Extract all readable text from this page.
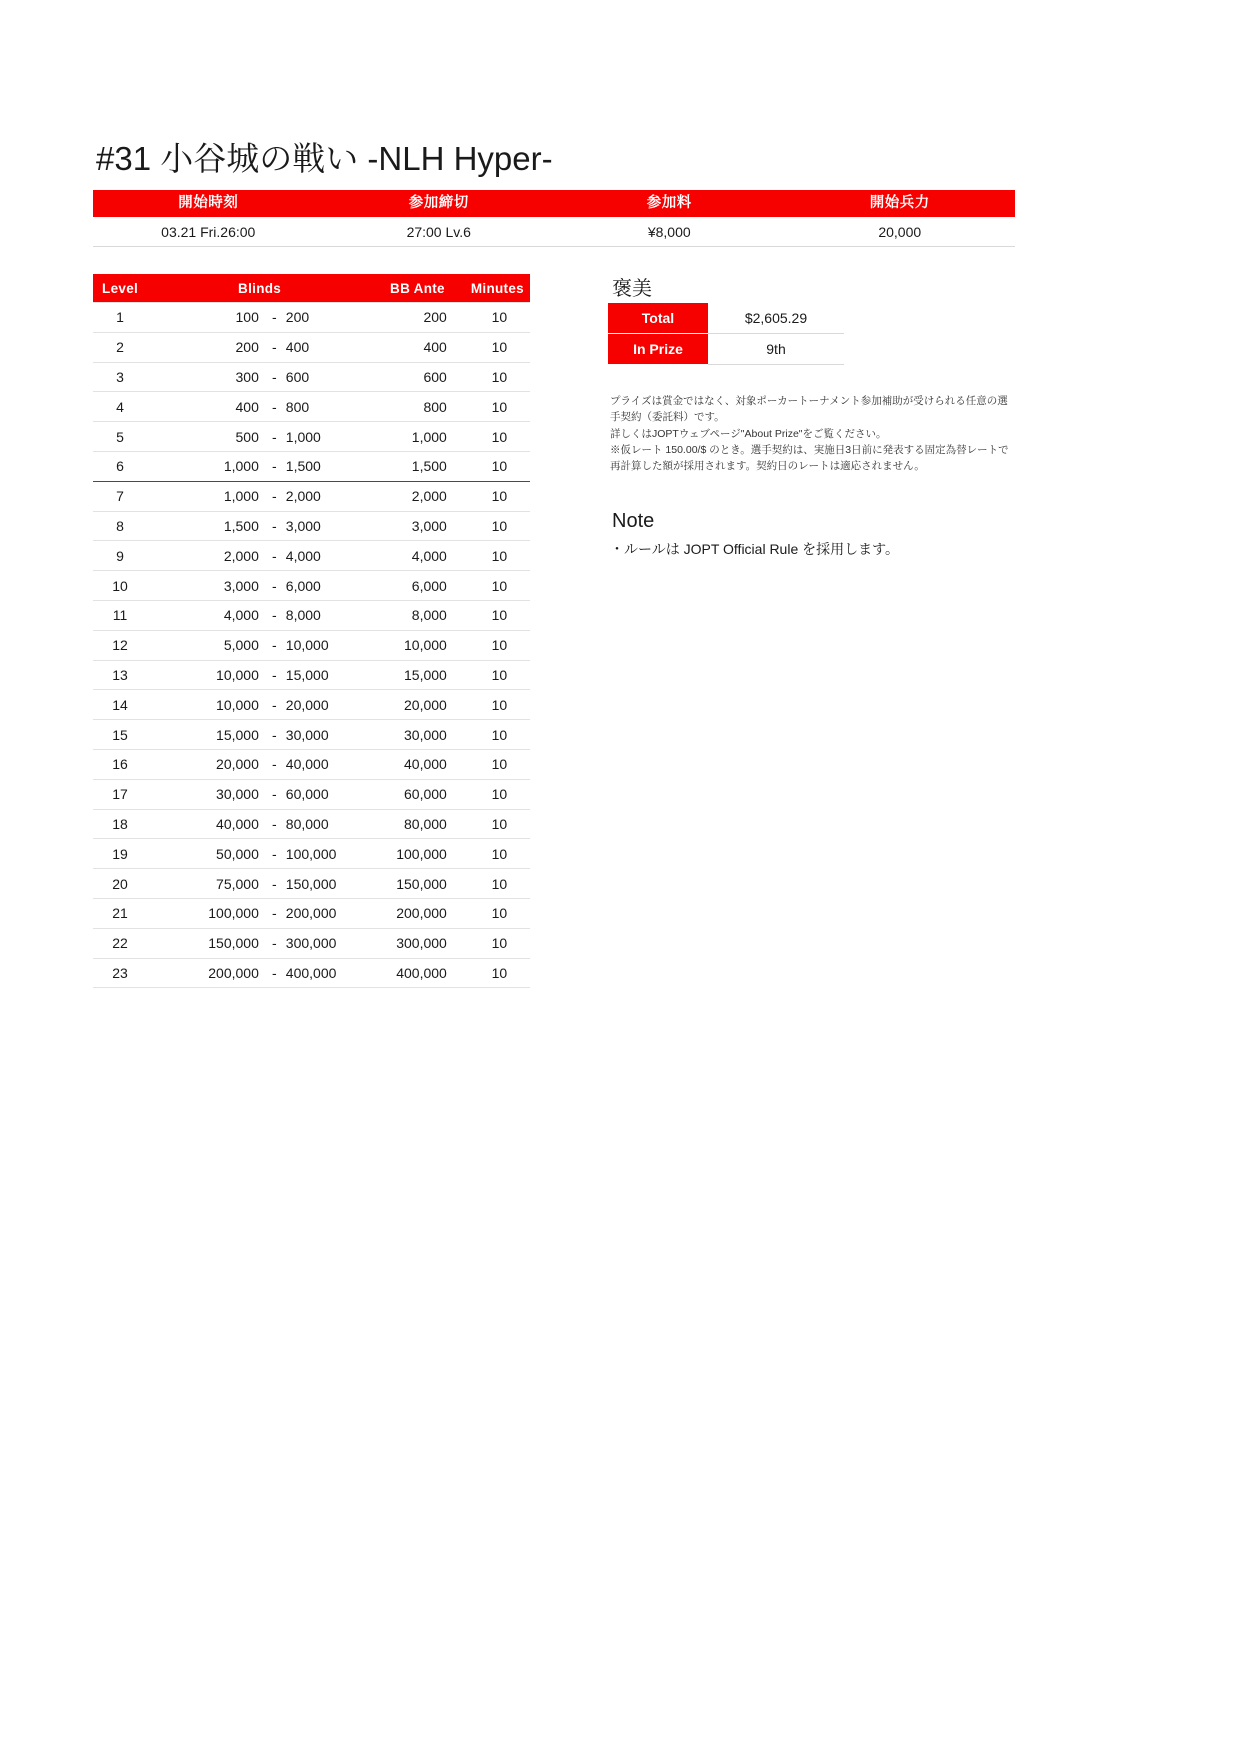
#31 小谷城の戦い -NLH Hyper-
開始時刻	参加締切	参加料	開始兵力
03.21 Fri.26:00	27:00 Lv.6	¥8,000	20,000
Level	Blinds			BB Ante	Minutes
1	100	-	200	200	10
2	200	-	400	400	10
3	300	-	600	600	10
4	400	-	800	800	10
5	500	-	1,000	1,000	10
6	1,000	-	1,500	1,500	10
7	1,000	-	2,000	2,000	10
8	1,500	-	3,000	3,000	10
9	2,000	-	4,000	4,000	10
10	3,000	-	6,000	6,000	10
11	4,000	-	8,000	8,000	10
12	5,000	-	10,000	10,000	10
13	10,000	-	15,000	15,000	10
14	10,000	-	20,000	20,000	10
15	15,000	-	30,000	30,000	10
16	20,000	-	40,000	40,000	10
17	30,000	-	60,000	60,000	10
18	40,000	-	80,000	80,000	10
19	50,000	-	100,000	100,000	10
20	75,000	-	150,000	150,000	10
21	100,000	-	200,000	200,000	10
22	150,000	-	300,000	300,000	10
23	200,000	-	400,000	400,000	10
褒美
Total	$2,605.29
In Prize	9th

プライズは賞金ではなく、対象ポーカートーナメント参加補助が受けられる任意の選

手契約（委託料）です。

詳しくはJOPTウェブページ"About Prize"をご覧ください。

※仮レート 150.00/$ のとき。選手契約は、実施日3日前に発表する固定為替レートで

再計算した額が採用されます。契約日のレートは適応されません。

Note
・ルールは JOPT Official Rule を採用します。
